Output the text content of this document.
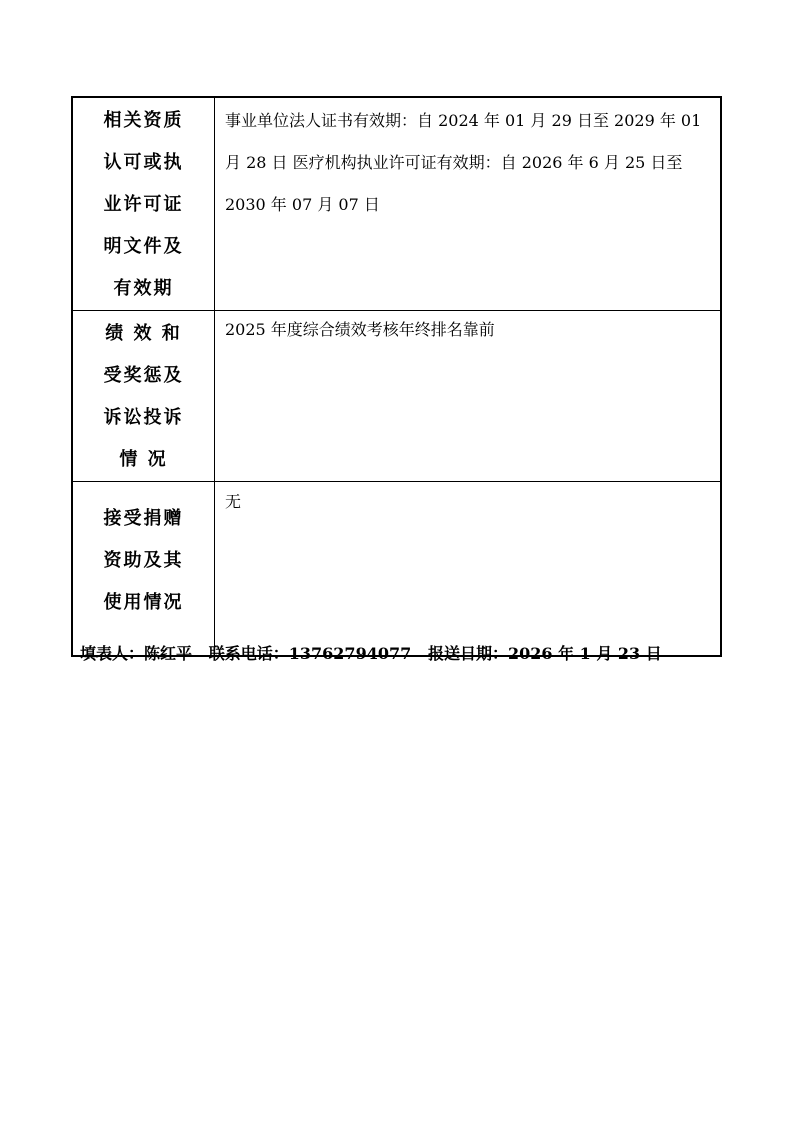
相关资质
认可或执
业许可证
明文件及
有效期	事业单位法人证书有效期：自 2024 年 01 月 29 日至 2029 年 01 月 28 日 医疗机构执业许可证有效期：自 2026 年 6 月 25 日至 2030 年 07 月 07 日

绩 效 和
受奖惩及
诉讼投诉
情 况	2025 年度综合绩效考核年终排名靠前

接受捐赠
资助及其
使用情况	无
填表人：陈红平 联系电话：13762794077 报送日期：2026 年 1 月 23 日
